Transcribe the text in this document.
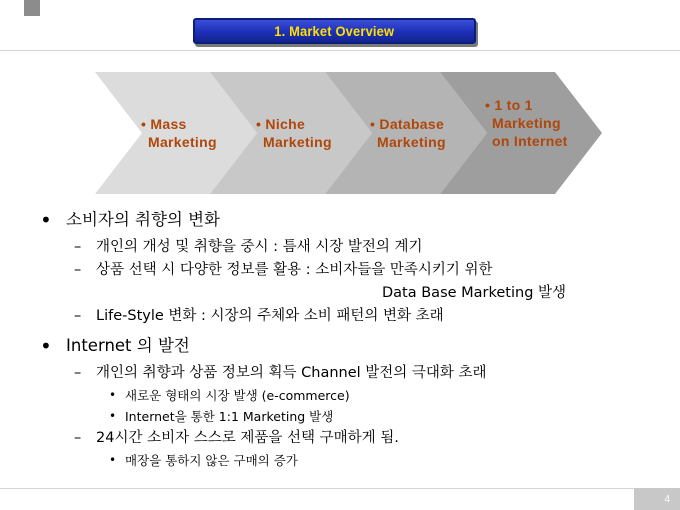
1. Market Overview
• Mass
Marketing
• Niche
Marketing
• Database
Marketing
• 1 to 1
Marketing
on Internet
• 소비자의 취향의 변화
– 개인의 개성 및 취향을 중시 : 틈새 시장 발전의 계기
– 상품 선택 시 다양한 정보를 활용 : 소비자들을 만족시키기 위한
Data Base Marketing 발생
– Life-Style 변화 : 시장의 주체와 소비 패턴의 변화 초래
• Internet 의 발전
– 개인의 취향과 상품 정보의 획득 Channel 발전의 극대화 초래
• 새로운 형태의 시장 발생 (e-commerce)
• Internet을 통한 1:1 Marketing 발생
– 24시간 소비자 스스로 제품을 선택 구매하게 됨.
• 매장을 통하지 않은 구매의 증가
4
